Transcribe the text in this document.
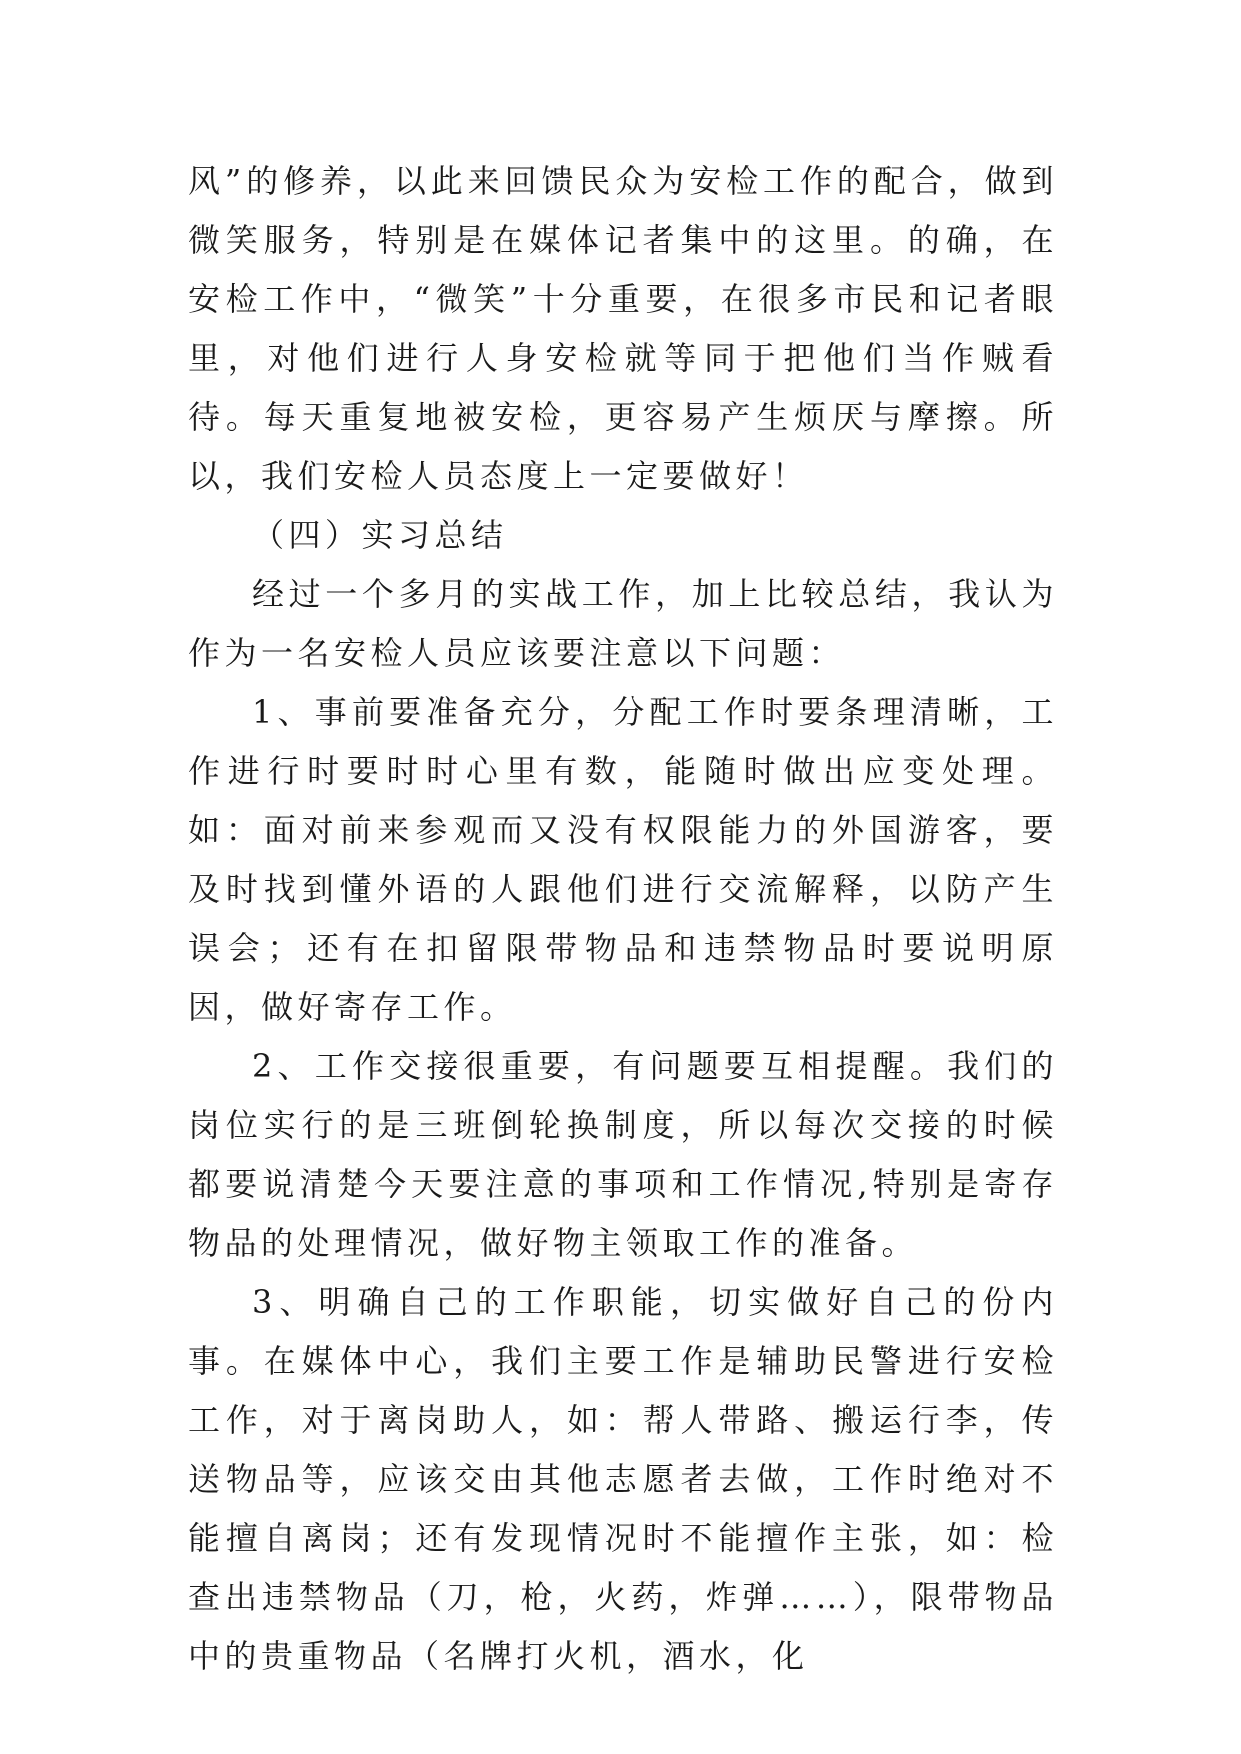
风”的修养，以此来回馈民众为安检工作的配合，做到微笑服务，特别是在媒体记者集中的这里。的确，在安检工作中，“微笑”十分重要，在很多市民和记者眼里，对他们进行人身安检就等同于把他们当作贼看待。每天重复地被安检，更容易产生烦厌与摩擦。所以，我们安检人员态度上一定要做好！

（四）实习总结

经过一个多月的实战工作，加上比较总结，我认为作为一名安检人员应该要注意以下问题：

1、事前要准备充分，分配工作时要条理清晰，工作进行时要时时心里有数，能随时做出应变处理。如：面对前来参观而又没有权限能力的外国游客，要及时找到懂外语的人跟他们进行交流解释，以防产生误会；还有在扣留限带物品和违禁物品时要说明原因，做好寄存工作。

2、工作交接很重要，有问题要互相提醒。我们的岗位实行的是三班倒轮换制度，所以每次交接的时候都要说清楚今天要注意的事项和工作情况,特别是寄存物品的处理情况，做好物主领取工作的准备。

3、明确自己的工作职能，切实做好自己的份内事。在媒体中心，我们主要工作是辅助民警进行安检工作，对于离岗助人，如：帮人带路、搬运行李，传送物品等，应该交由其他志愿者去做，工作时绝对不能擅自离岗；还有发现情况时不能擅作主张，如：检查出违禁物品（刀，枪，火药，炸弹……），限带物品中的贵重物品（名牌打火机，酒水，化
